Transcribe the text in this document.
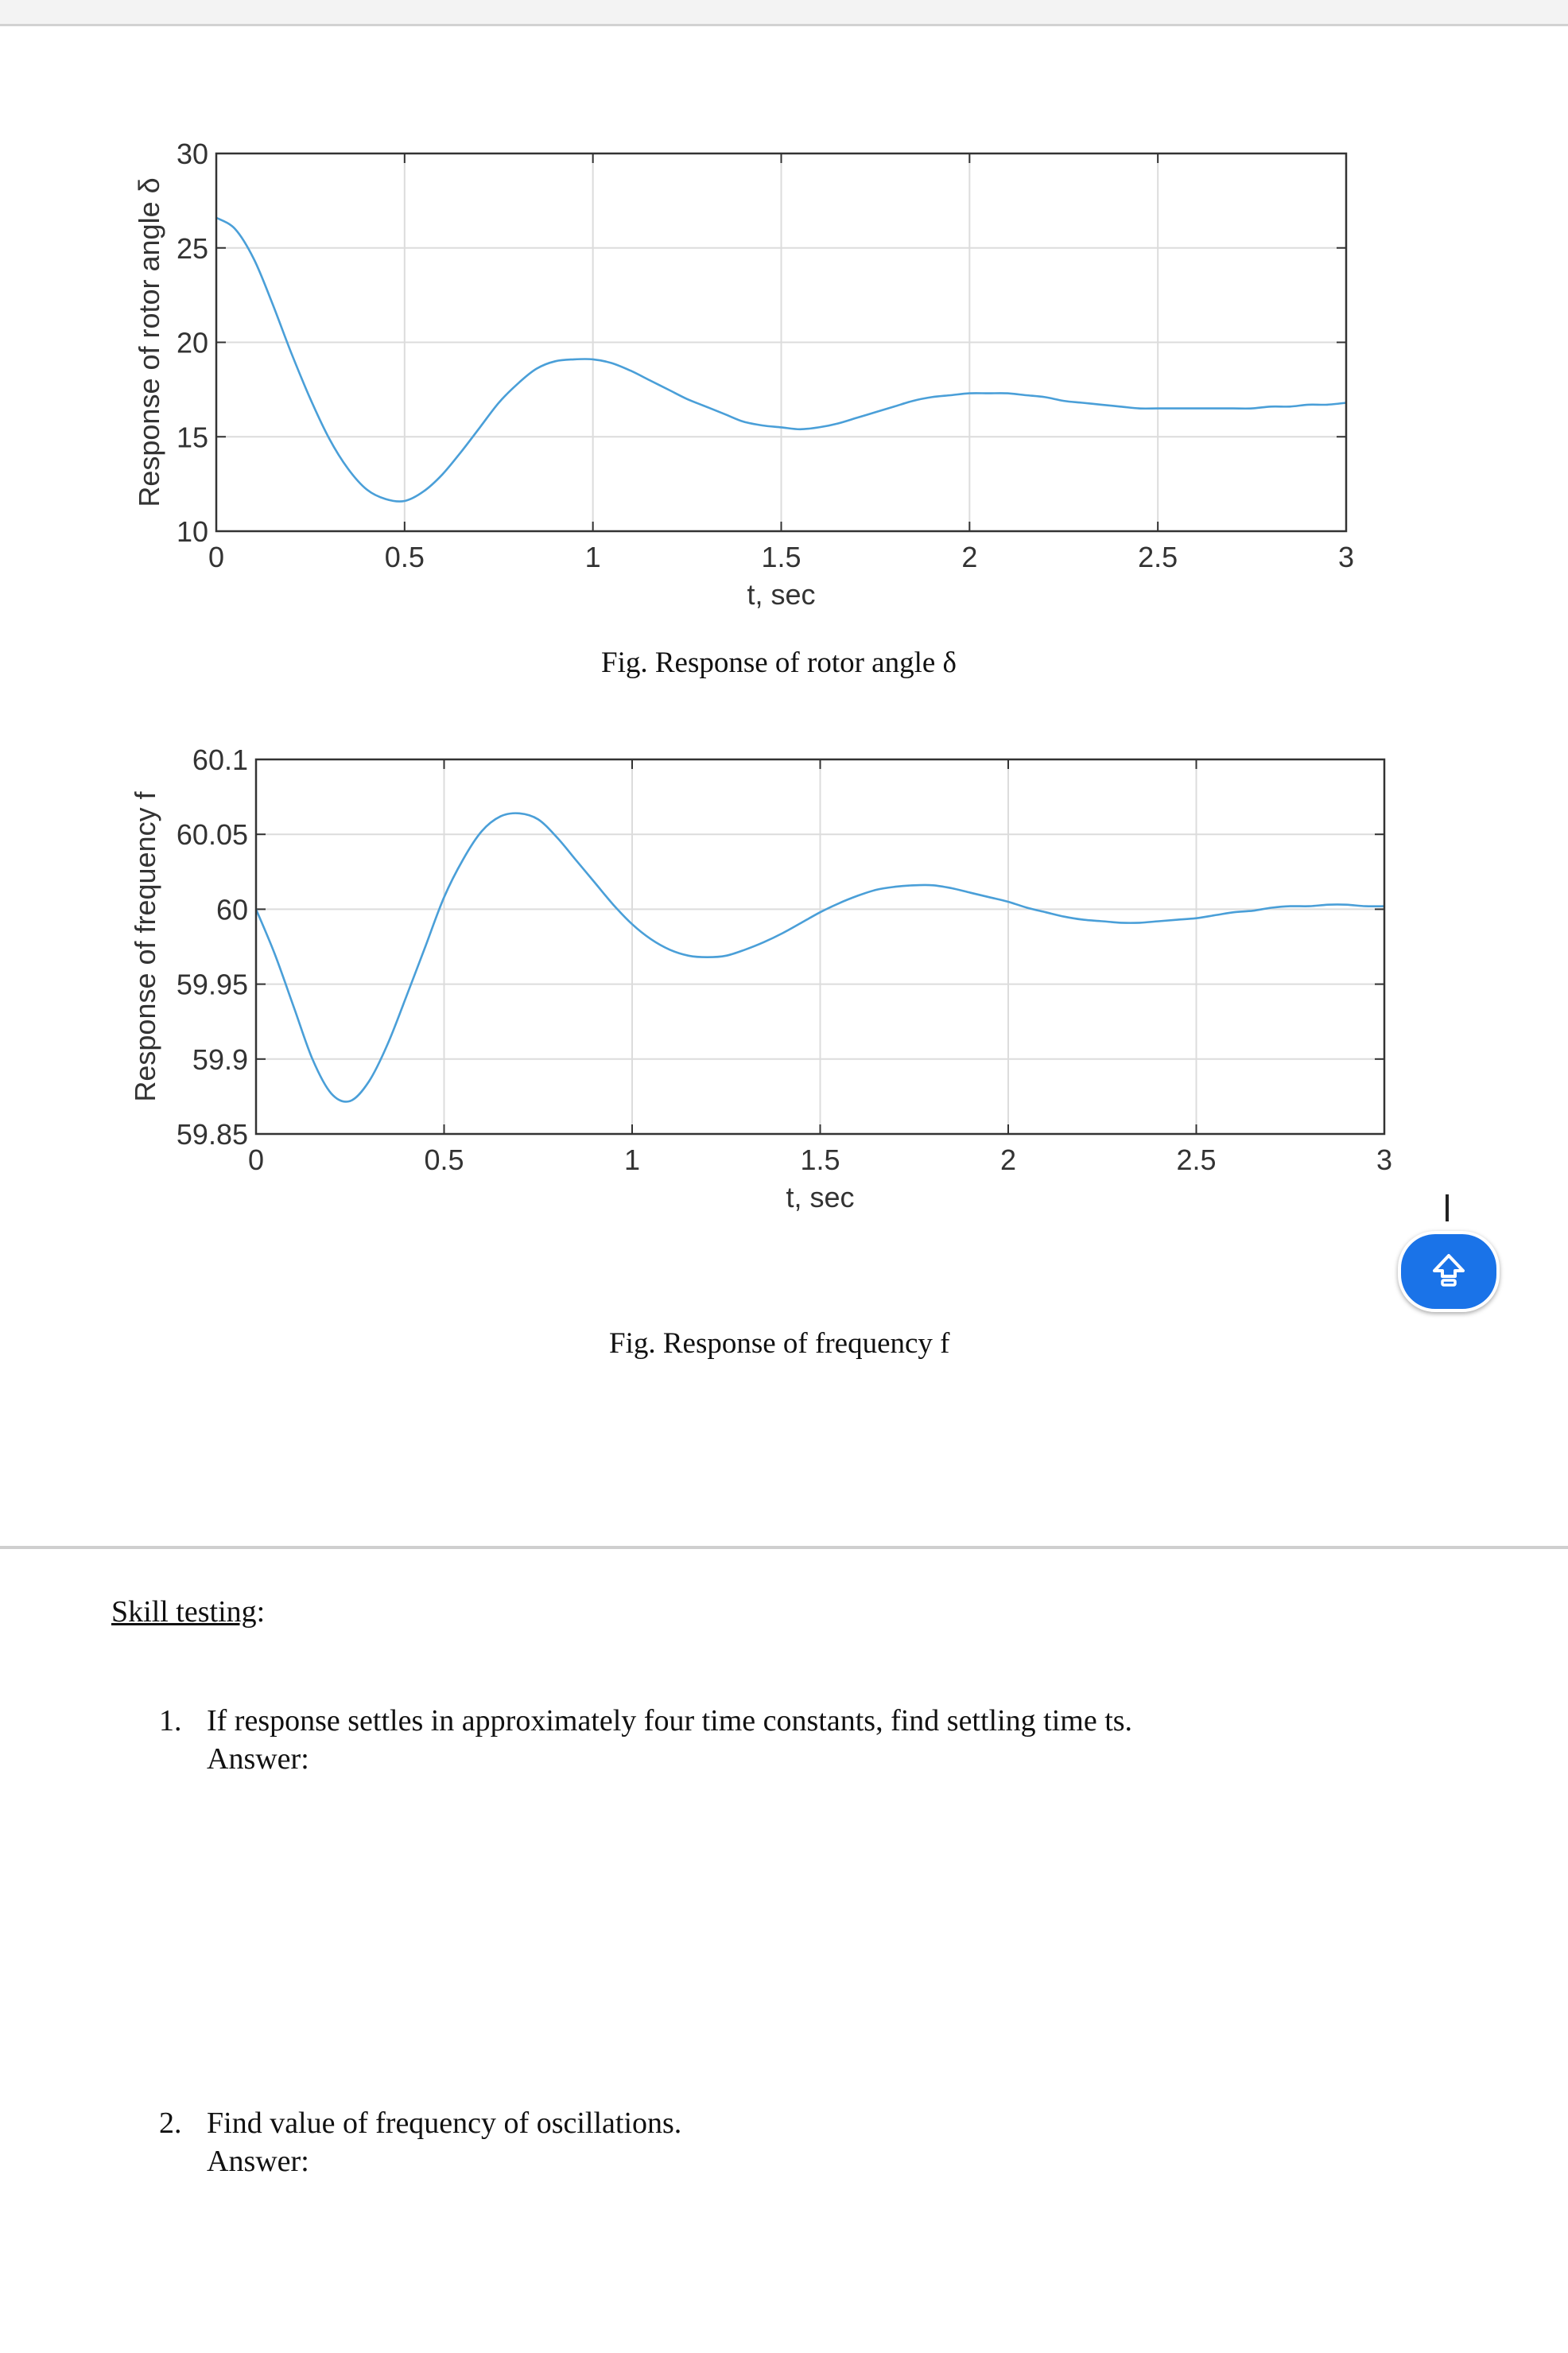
0	0.5	1	1.5	2	2.5	3
10
15
20
25
30
Response of rotor angle δ
t, sec
Fig. Response of rotor angle δ
0	0.5	1	1.5	2	2.5	3
59.85
59.9
59.95
60
60.05
60.1
Response of frequency f
t, sec
Fig. Response of frequency f
Skill testing:
1. If response settles in approximately four time constants, find settling time ts.
Answer:
2. Find value of frequency of oscillations.
Answer:
